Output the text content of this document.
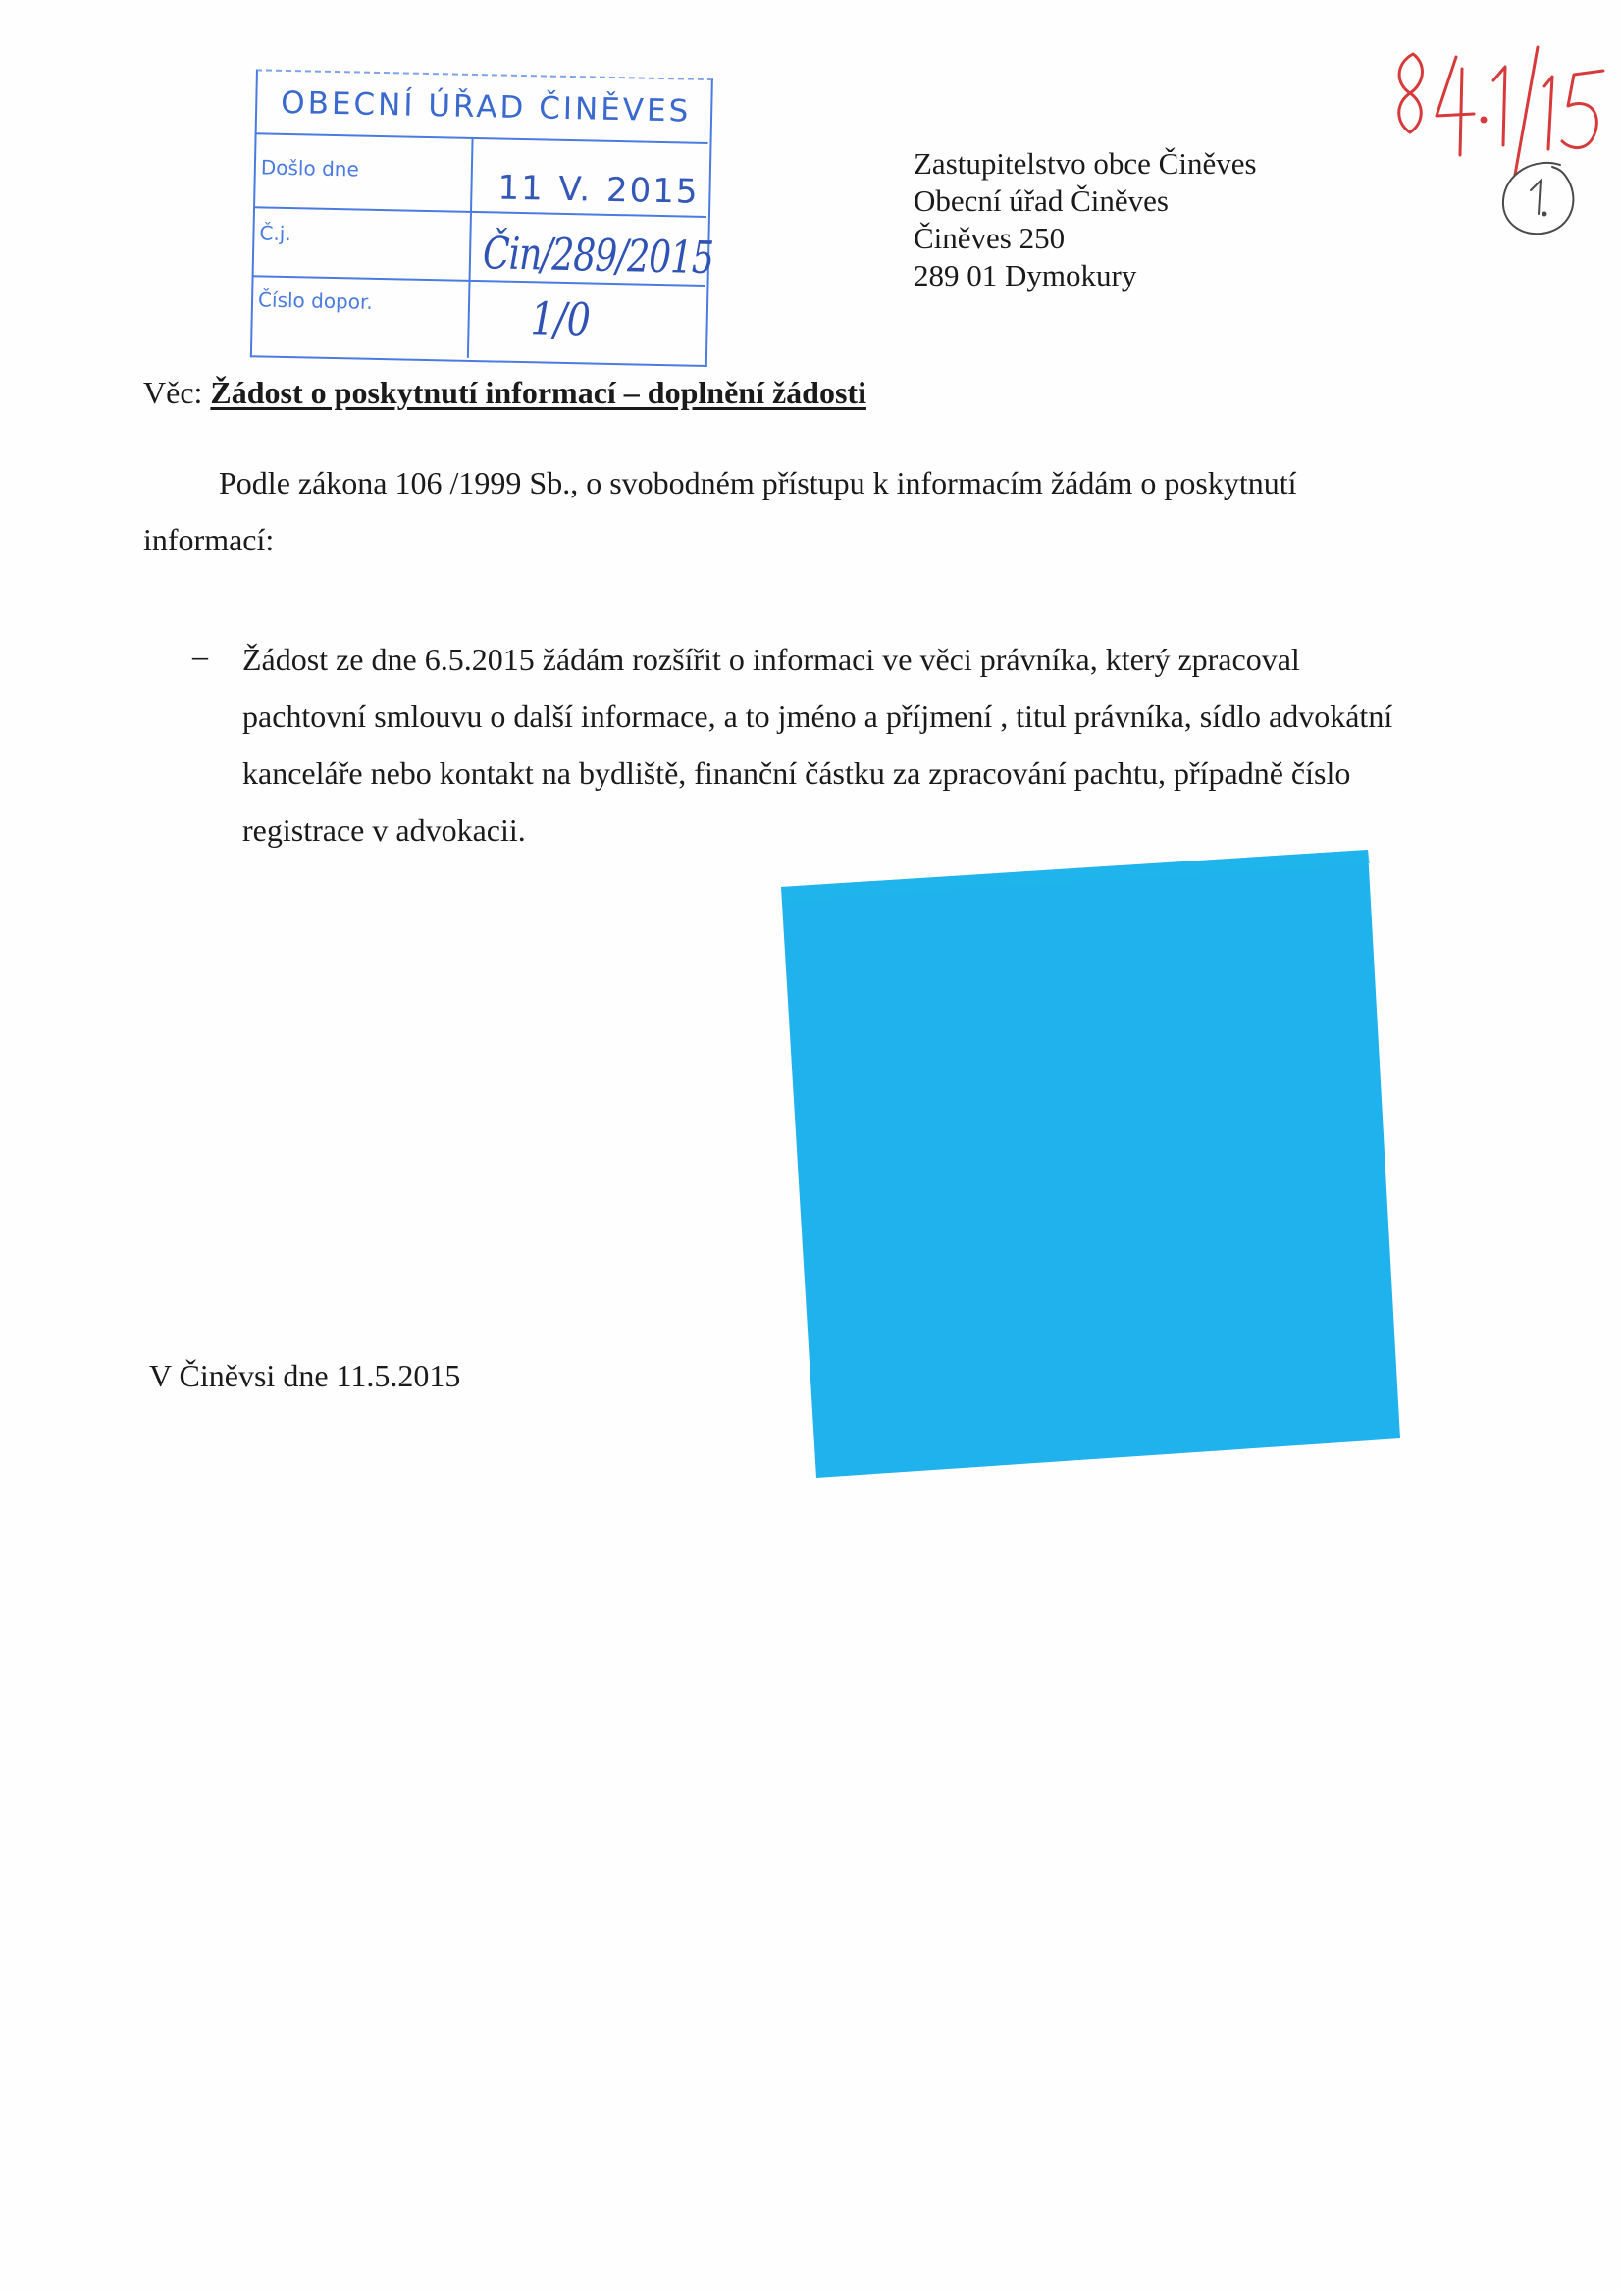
OBECNÍ ÚŘAD ČINĚVES
Došlo dne
11 V. 2015
Č.j.	Čin/289/2015
Číslo dopor.	1/0
Zastupitelstvo obce Činěves
Obecní úřad Činěves
Činěves 250
289 01 Dymokury
Věc: Žádost o poskytnutí informací – doplnění žádosti
Podle zákona 106 /1999 Sb., o svobodném přístupu k informacím žádám o poskytnutí
informací:
– Žádost ze dne 6.5.2015 žádám rozšířit o informaci ve věci právníka, který zpracoval
pachtovní smlouvu o další informace, a to jméno a příjmení , titul právníka, sídlo advokátní
kanceláře nebo kontakt na bydliště, finanční částku za zpracování pachtu, případně číslo
registrace v advokacii.
V Činěvsi dne 11.5.2015
